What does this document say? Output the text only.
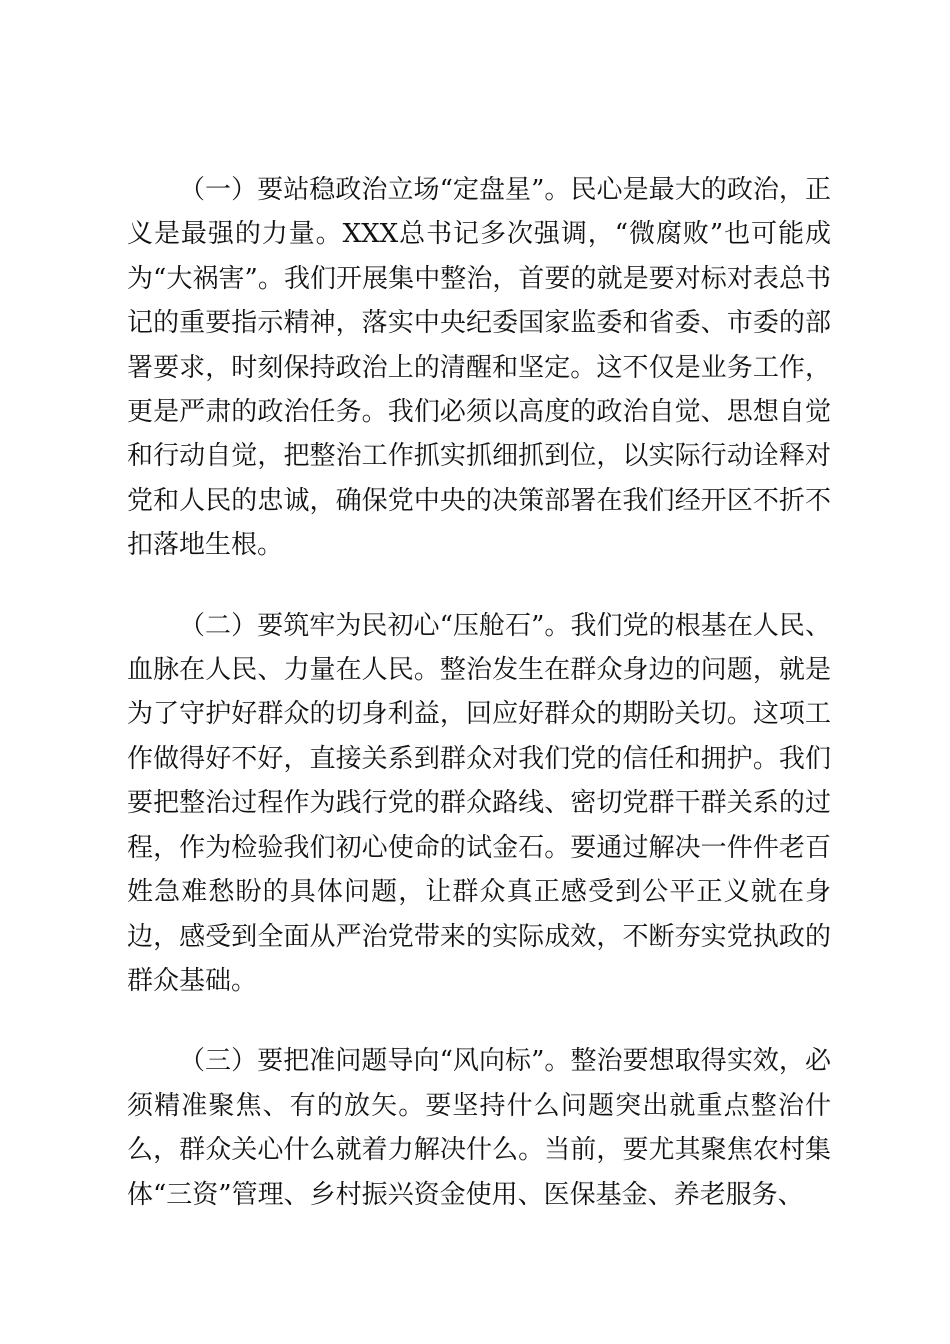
（一）要站稳政治立场“定盘星”。民心是最大的政治，正义是最强的力量。XXX总书记多次强调，“微腐败”也可能成为“大祸害”。我们开展集中整治，首要的就是要对标对表总书记的重要指示精神，落实中央纪委国家监委和省委、市委的部署要求，时刻保持政治上的清醒和坚定。这不仅是业务工作，更是严肃的政治任务。我们必须以高度的政治自觉、思想自觉和行动自觉，把整治工作抓实抓细抓到位，以实际行动诠释对党和人民的忠诚，确保党中央的决策部署在我们经开区不折不扣落地生根。

（二）要筑牢为民初心“压舱石”。我们党的根基在人民、血脉在人民、力量在人民。整治发生在群众身边的问题，就是为了守护好群众的切身利益，回应好群众的期盼关切。这项工作做得好不好，直接关系到群众对我们党的信任和拥护。我们要把整治过程作为践行党的群众路线、密切党群干群关系的过程，作为检验我们初心使命的试金石。要通过解决一件件老百姓急难愁盼的具体问题，让群众真正感受到公平正义就在身边，感受到全面从严治党带来的实际成效，不断夯实党执政的群众基础。

（三）要把准问题导向“风向标”。整治要想取得实效，必须精准聚焦、有的放矢。要坚持什么问题突出就重点整治什么，群众关心什么就着力解决什么。当前，要尤其聚焦农村集体“三资”管理、乡村振兴资金使用、医保基金、养老服务、
